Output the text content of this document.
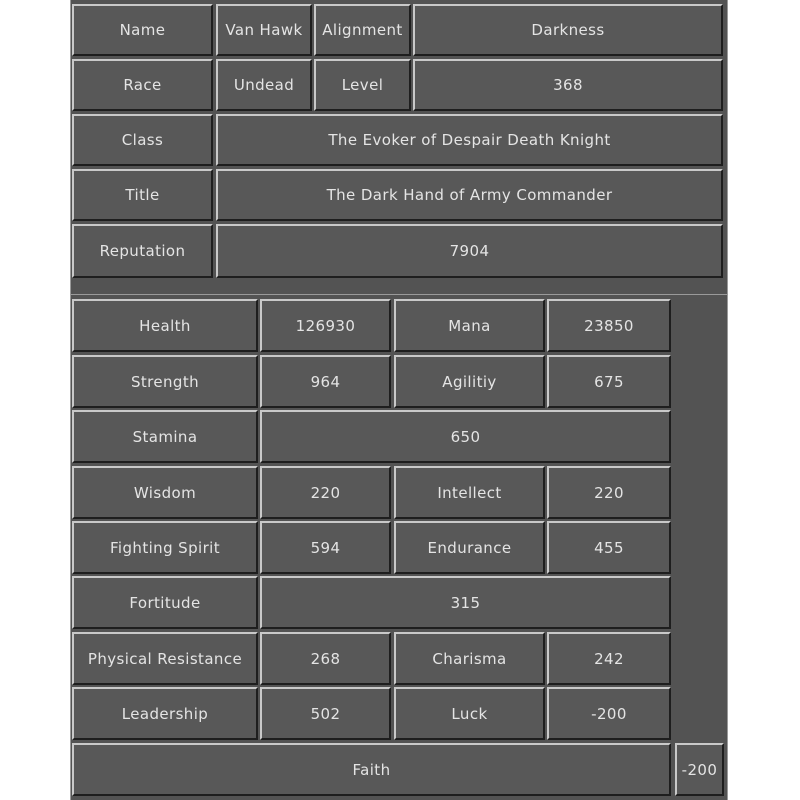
Name	Van Hawk	Alignment	Darkness
Race	Undead	Level	368
Class	The Evoker of Despair Death Knight
Title	The Dark Hand of Army Commander
Reputation	7904
Health	126930	Mana	23850
Strength	964	Agilitiy	675
Stamina	650
Wisdom	220	Intellect	220
Fighting Spirit	594	Endurance	455
Fortitude	315
Physical Resistance	268	Charisma	242
Leadership	502	Luck	-200
Faith	-200
